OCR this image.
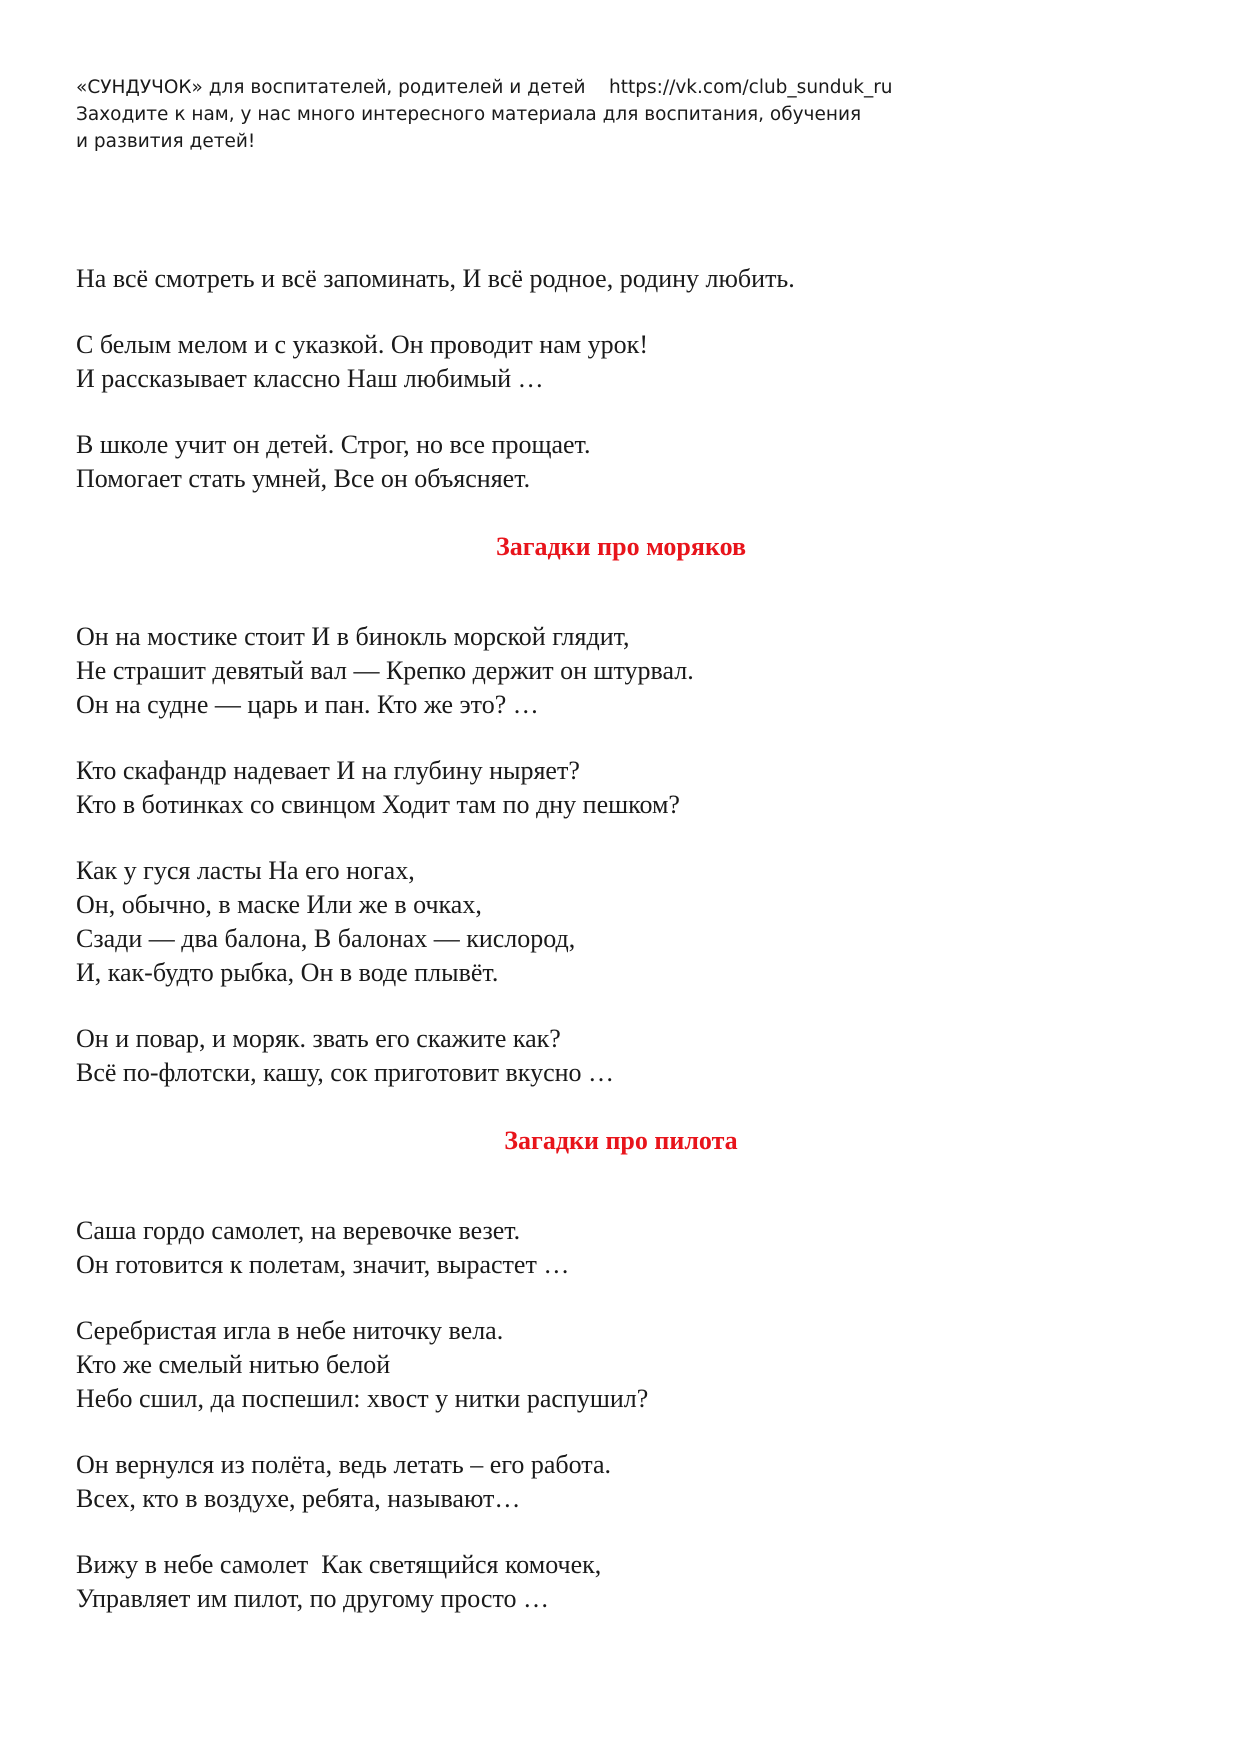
«СУНДУЧОК» для воспитателей, родителей и детей    https://vk.com/club_sunduk_ru
Заходите к нам, у нас много интересного материала для воспитания, обучения
и развития детей!
На всё смотреть и всё запоминать, И всё родное, родину любить.
С белым мелом и с указкой. Он проводит нам урок!
И рассказывает классно Наш любимый …
В школе учит он детей. Строг, но все прощает.
Помогает стать умней, Все он объясняет.
Загадки про моряков
Он на мостике стоит И в бинокль морской глядит,
Не страшит девятый вал — Крепко держит он штурвал.
Он на судне — царь и пан. Кто же это? …
Кто скафандр надевает И на глубину ныряет?
Кто в ботинках со свинцом Ходит там по дну пешком?
Как у гуся ласты На его ногах,
Он, обычно, в маске Или же в очках,
Сзади — два балона, В балонах — кислород,
И, как-будто рыбка, Он в воде плывёт.
Он и повар, и моряк. звать его скажите как?
Всё по-флотски, кашу, сок приготовит вкусно …
Загадки про пилота
Саша гордо самолет, на веревочке везет.
Он готовится к полетам, значит, вырастет …
Серебристая игла в небе ниточку вела.
Кто же смелый нитью белой
Небо сшил, да поспешил: хвост у нитки распушил?
Он вернулся из полёта, ведь летать – его работа.
Всех, кто в воздухе, ребята, называют…
Вижу в небе самолет  Как светящийся комочек,
Управляет им пилот, по другому просто …
